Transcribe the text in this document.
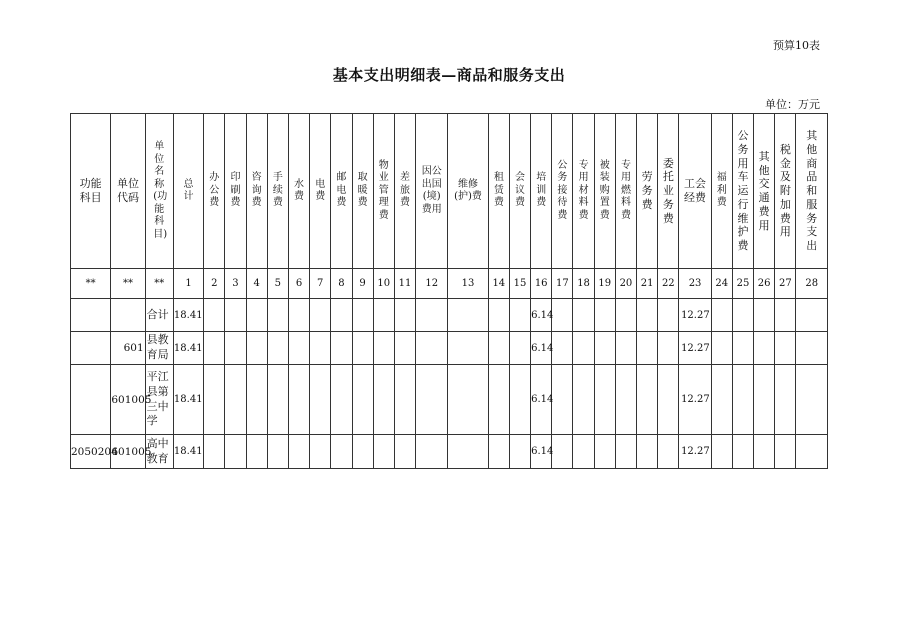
预算10表
基本支出明细表—商品和服务支出
单位：万元
功能科目	单位代码	单位名称(功能科目)	总计	办公费	印刷费	咨询费	手续费	水费	电费	邮电费	取暖费	物业管理费	差旅费	因公出国(境)费用	维修(护)费	租赁费	会议费	培训费	公务接待费	专用材料费	被装购置费	专用燃料费	劳务费	委托业务费	工会经费	福利费	公务用车运行维护费	其他交通费用	税金及附加费用	其他商品和服务支出

**	**	**	1	2	3	4	5	6	7	8	9	10	11	12	13	14	15	16	17	18	19	20	21	22	23	24	25	26	27	28
		合计	18.41															6.14							12.27					
	601	县教育局	18.41															6.14							12.27					
	601005	平江县第三中学	18.41															6.14							12.27					
2050204	601005	高中教育	18.41															6.14							12.27					
